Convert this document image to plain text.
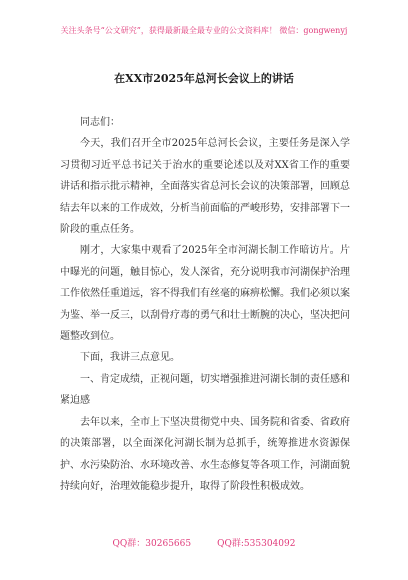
关注头条号“公文研究”，获得最新最全最专业的公文资料库！ 微信：gongwenyj
在XX市2025年总河长会议上的讲话

同志们：

今天，我们召开全市2025年总河长会议，主要任务是深入学习贯彻习近平总书记关于治水的重要论述以及对XX省工作的重要讲话和指示批示精神，全面落实省总河长会议的决策部署，回顾总结去年以来的工作成效，分析当前面临的严峻形势，安排部署下一阶段的重点任务。

刚才，大家集中观看了2025年全市河湖长制工作暗访片。片中曝光的问题，触目惊心，发人深省，充分说明我市河湖保护治理工作依然任重道远，容不得我们有丝毫的麻痹松懈。我们必须以案为鉴、举一反三，以刮骨疗毒的勇气和壮士断腕的决心，坚决把问题整改到位。

下面，我讲三点意见。

一、肯定成绩，正视问题，切实增强推进河湖长制的责任感和紧迫感

去年以来，全市上下坚决贯彻党中央、国务院和省委、省政府的决策部署，以全面深化河湖长制为总抓手，统筹推进水资源保护、水污染防治、水环境改善、水生态修复等各项工作，河湖面貌持续向好，治理效能稳步提升，取得了阶段性积极成效。

QQ群：30265665	QQ群:535304092
